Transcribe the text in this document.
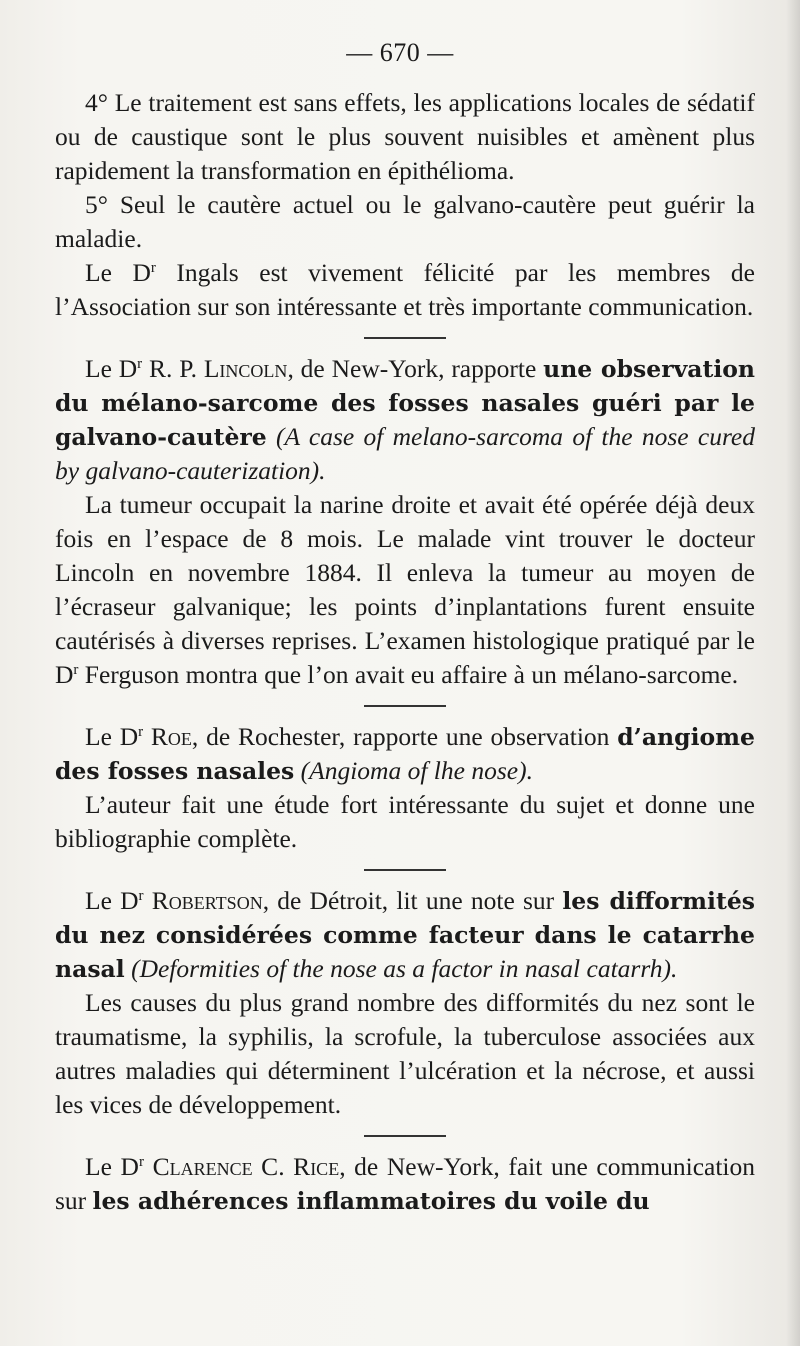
— 670 —

4° Le traitement est sans effets, les applications locales de sédatif ou de caustique sont le plus souvent nuisibles et amènent plus rapidement la transformation en épithélioma.

5° Seul le cautère actuel ou le galvano-cautère peut guérir la maladie.

Le $D^r$ Ingals est vivement félicité par les membres de l’Association sur son intéressante et très importante communication.

Le $D^r$ R. P. Lincoln, de New-York, rapporte une observation du mélano-sarcome des fosses nasales guéri par le galvano-cautère (A case of melano-sarcoma of the nose cured by galvano-cauterization).

La tumeur occupait la narine droite et avait été opérée déjà deux fois en l’espace de 8 mois. Le malade vint trouver le docteur Lincoln en novembre 1884. Il enleva la tumeur au moyen de l’écraseur galvanique; les points d’inplantations furent ensuite cautérisés à diverses reprises. L’examen histologique pratiqué par le $D^r$ Ferguson montra que l’on avait eu affaire à un mélano-sarcome.

Le $D^r$ Roe, de Rochester, rapporte une observation d’angiome des fosses nasales (Angioma of lhe nose).

L’auteur fait une étude fort intéressante du sujet et donne une bibliographie complète.

Le $D^r$ Robertson, de Détroit, lit une note sur les difformités du nez considérées comme facteur dans le catarrhe nasal (Deformities of the nose as a factor in nasal catarrh).

Les causes du plus grand nombre des difformités du nez sont le traumatisme, la syphilis, la scrofule, la tuberculose associées aux autres maladies qui déterminent l’ulcération et la nécrose, et aussi les vices de développement.

Le $D^r$ Clarence C. Rice, de New-York, fait une communication sur les adhérences inflammatoires du voile du
